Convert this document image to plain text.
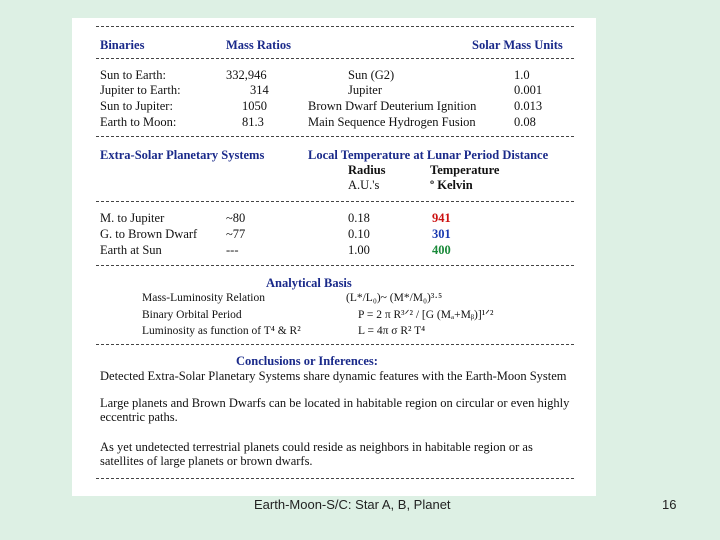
Binaries	Mass Ratios	Solar Mass Units
Sun to Earth:	332,946	Sun (G2)	1.0
Jupiter to Earth:	314	Jupiter	0.001
Sun to Jupiter:	1050	Brown Dwarf Deuterium Ignition	0.013
Earth to Moon:	81.3	Main Sequence Hydrogen Fusion	0.08
Extra-Solar Planetary Systems	Local Temperature at Lunar Period Distance
Radius	Temperature
A.U.'s	º Kelvin
M. to Jupiter	~80	0.18	941
G. to Brown Dwarf ~77	0.10	301
Earth at Sun	---	1.00	400
Analytical Basis
Mass-Luminosity Relation	(L*/L₀)~ (M*/M₀)³·⁵
Binary Orbital Period	P = 2 π R³ᐟ² / [G (Mₐ+Mᵦ)]¹ᐟ²
Luminosity as function of T⁴ & R²	L = 4π σ R² T⁴
Conclusions or Inferences:
Detected Extra-Solar Planetary Systems share dynamic features with the Earth-Moon System
Large planets and Brown Dwarfs can be located in habitable region on circular or even highly eccentric paths.
As yet undetected terrestrial planets could reside as neighbors in habitable region or as satellites of large planets or brown dwarfs.
Earth-Moon-S/C: Star A, B, Planet	16
